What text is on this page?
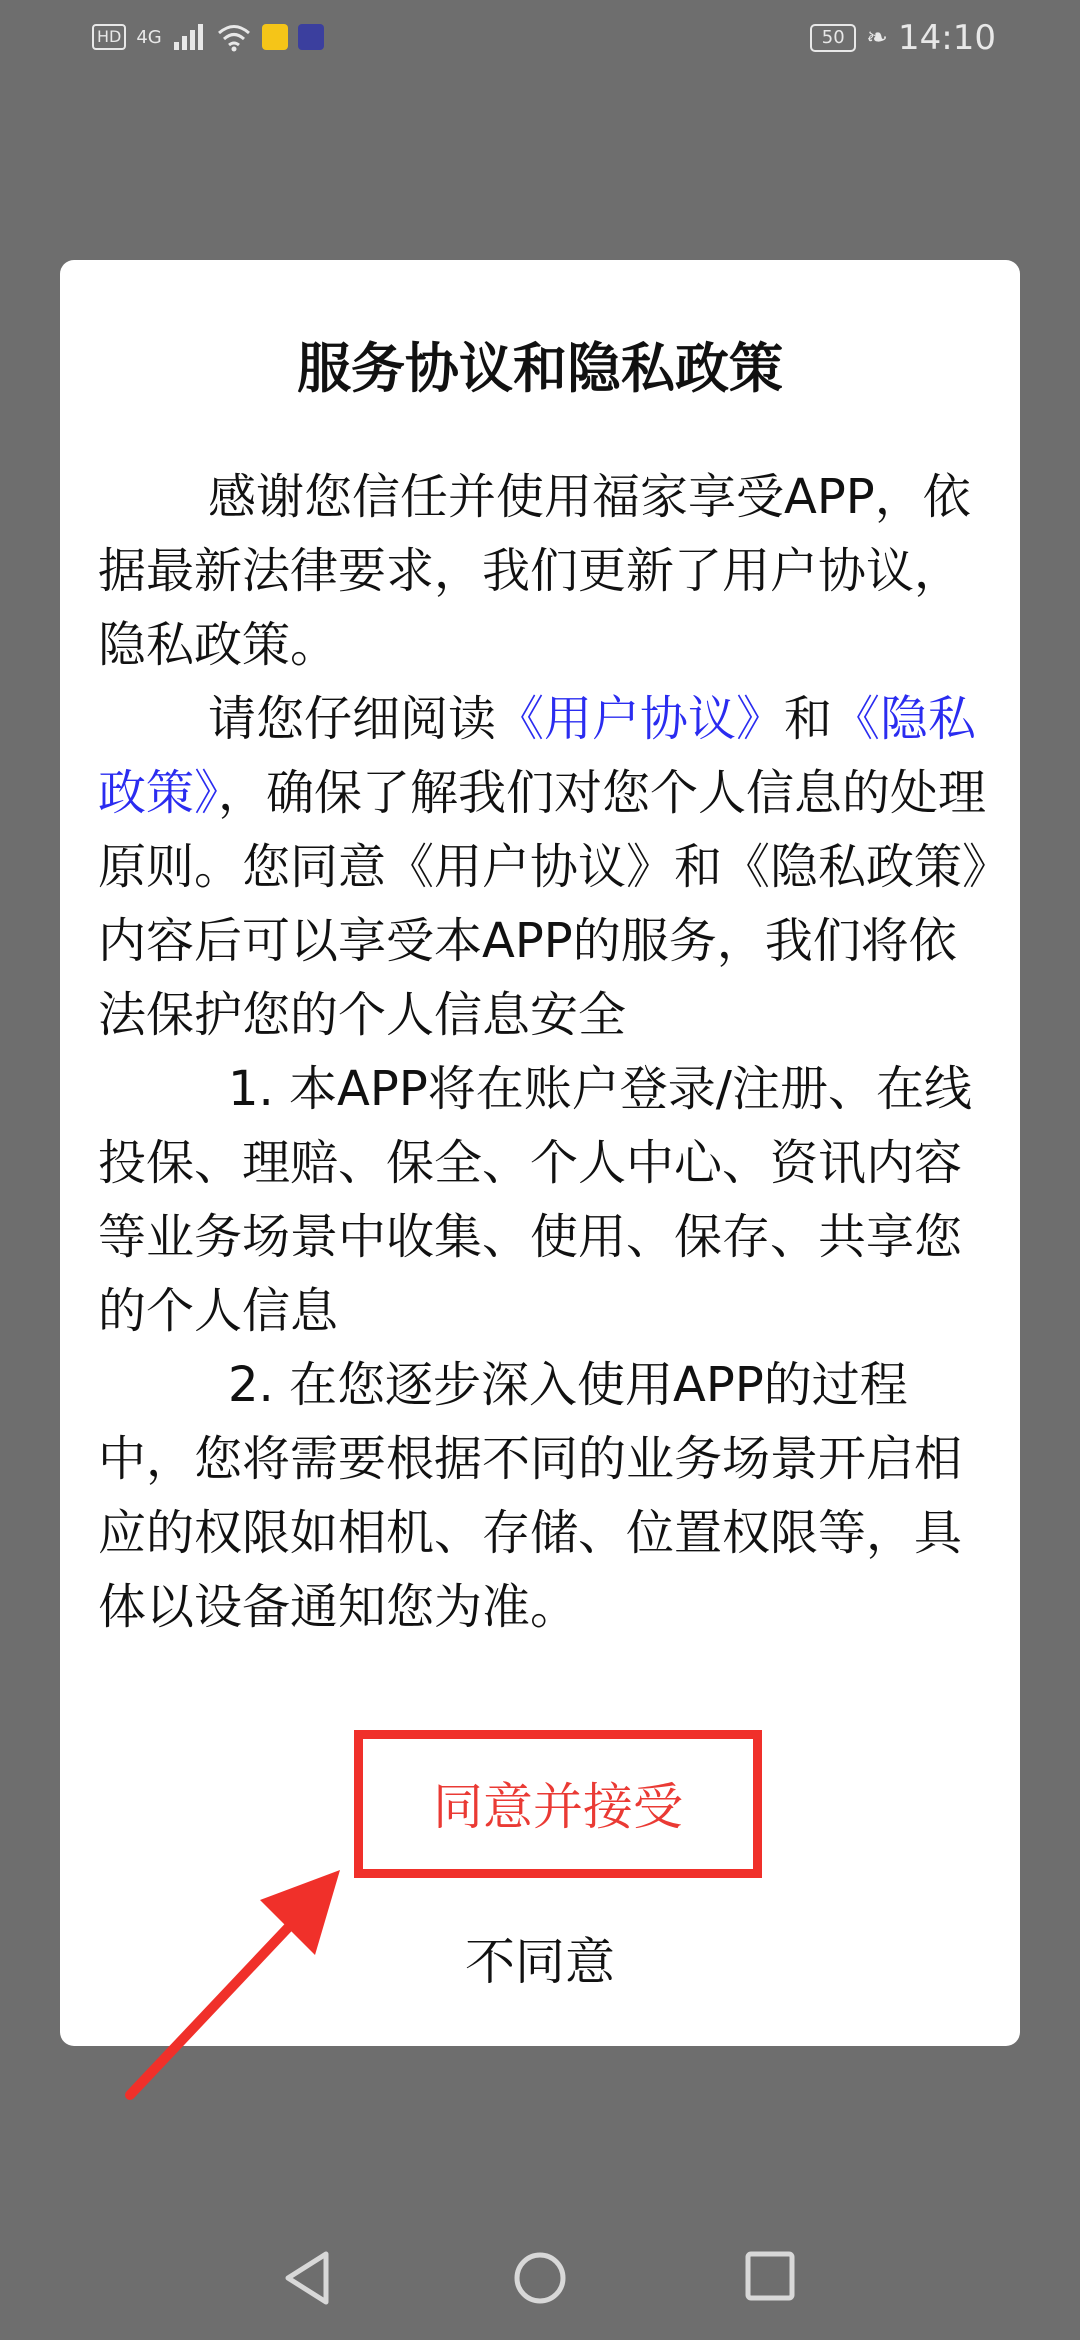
HD 4G	50 ❧ 14:10
服务协议和隐私政策

感谢您信任并使用福家享受APP，依据最新法律要求，我们更新了用户协议，隐私政策。

请您仔细阅读《用户协议》和《隐私政策》，确保了解我们对您个人信息的处理原则。您同意《用户协议》和《隐私政策》内容后可以享受本APP的服务，我们将依法保护您的个人信息安全

1. 本APP将在账户登录/注册、在线投保、理赔、保全、个人中心、资讯内容等业务场景中收集、使用、保存、共享您的个人信息

2. 在您逐步深入使用APP的过程中，您将需要根据不同的业务场景开启相应的权限如相机、存储、位置权限等，具体以设备通知您为准。

同意并接受
不同意
